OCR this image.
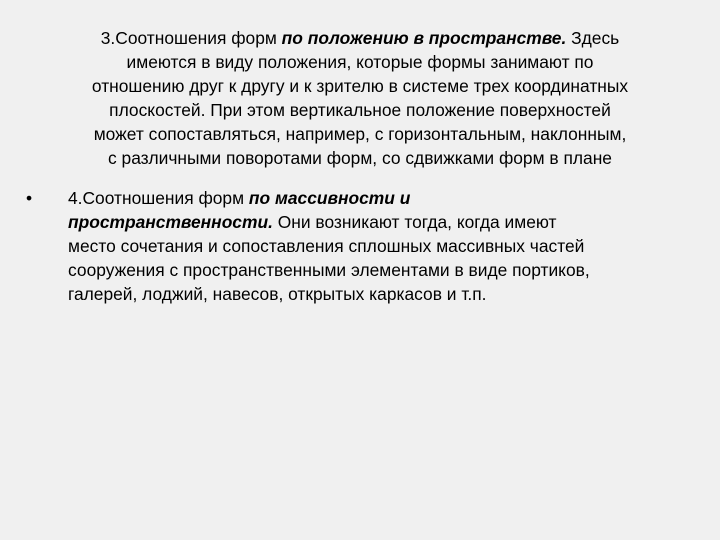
3.Соотношения форм по положению в пространстве. Здесь
имеются в виду положения, которые формы занимают по
отношению друг к другу и к зрителю в системе трех координатных
плоскостей. При этом вертикальное положение поверхностей
может сопоставляться, например, с горизонтальным, наклонным,
с различными поворотами форм, со сдвижками форм в плане
•	4.Соотношения форм по массивности и
пространственности. Они возникают тогда, когда имеют
место сочетания и сопоставления сплошных массивных частей
сооружения с пространственными элементами в виде портиков,
галерей, лоджий, навесов, открытых каркасов и т.п.
